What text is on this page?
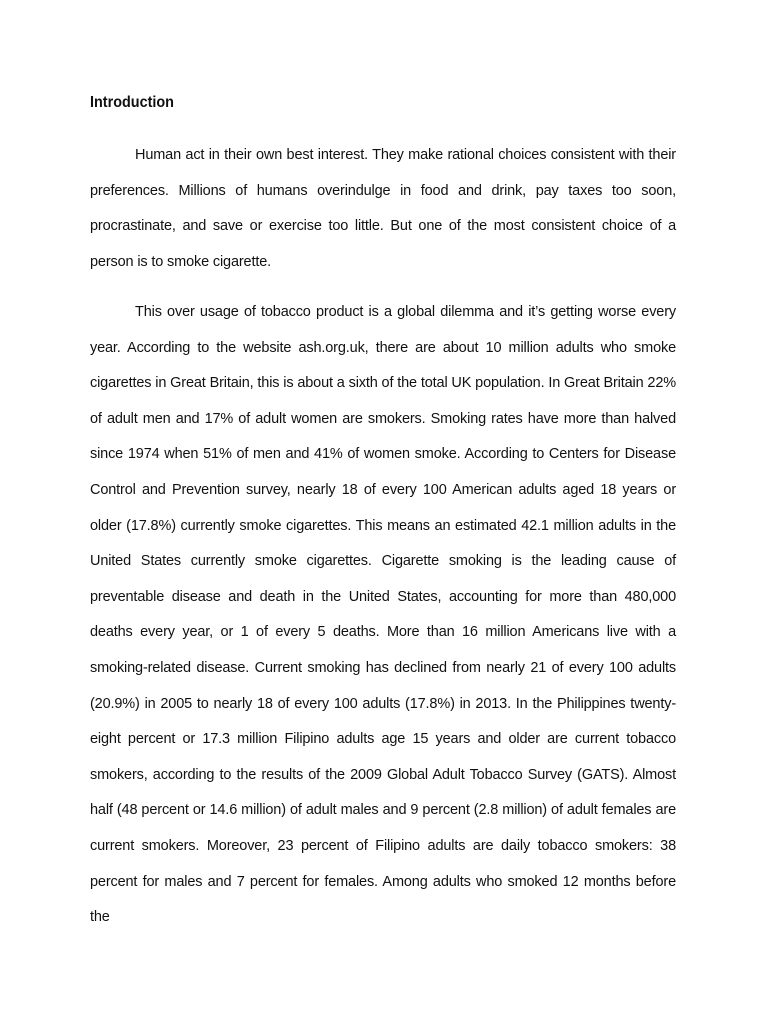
Introduction

Human act in their own best interest. They make rational choices consistent with their preferences. Millions of humans overindulge in food and drink, pay taxes too soon, procrastinate, and save or exercise too little. But one of the most consistent choice of a person is to smoke cigarette.

This over usage of tobacco product is a global dilemma and it’s getting worse every year. According to the website ash.org.uk, there are about 10 million adults who smoke cigarettes in Great Britain, this is about a sixth of the total UK population. In Great Britain 22% of adult men and 17% of adult women are smokers. Smoking rates have more than halved since 1974 when 51% of men and 41% of women smoke. According to Centers for Disease Control and Prevention survey, nearly 18 of every 100 American adults aged 18 years or older (17.8%) currently smoke cigarettes. This means an estimated 42.1 million adults in the United States currently smoke cigarettes. Cigarette smoking is the leading cause of preventable disease and death in the United States, accounting for more than 480,000 deaths every year, or 1 of every 5 deaths. More than 16 million Americans live with a smoking-related disease. Current smoking has declined from nearly 21 of every 100 adults (20.9%) in 2005 to nearly 18 of every 100 adults (17.8%) in 2013. In the Philippines twenty-eight percent or 17.3 million Filipino adults age 15 years and older are current tobacco smokers, according to the results of the 2009 Global Adult Tobacco Survey (GATS). Almost half (48 percent or 14.6 million) of adult males and 9 percent (2.8 million) of adult females are current smokers. Moreover, 23 percent of Filipino adults are daily tobacco smokers: 38 percent for males and 7 percent for females. Among adults who smoked 12 months before the
